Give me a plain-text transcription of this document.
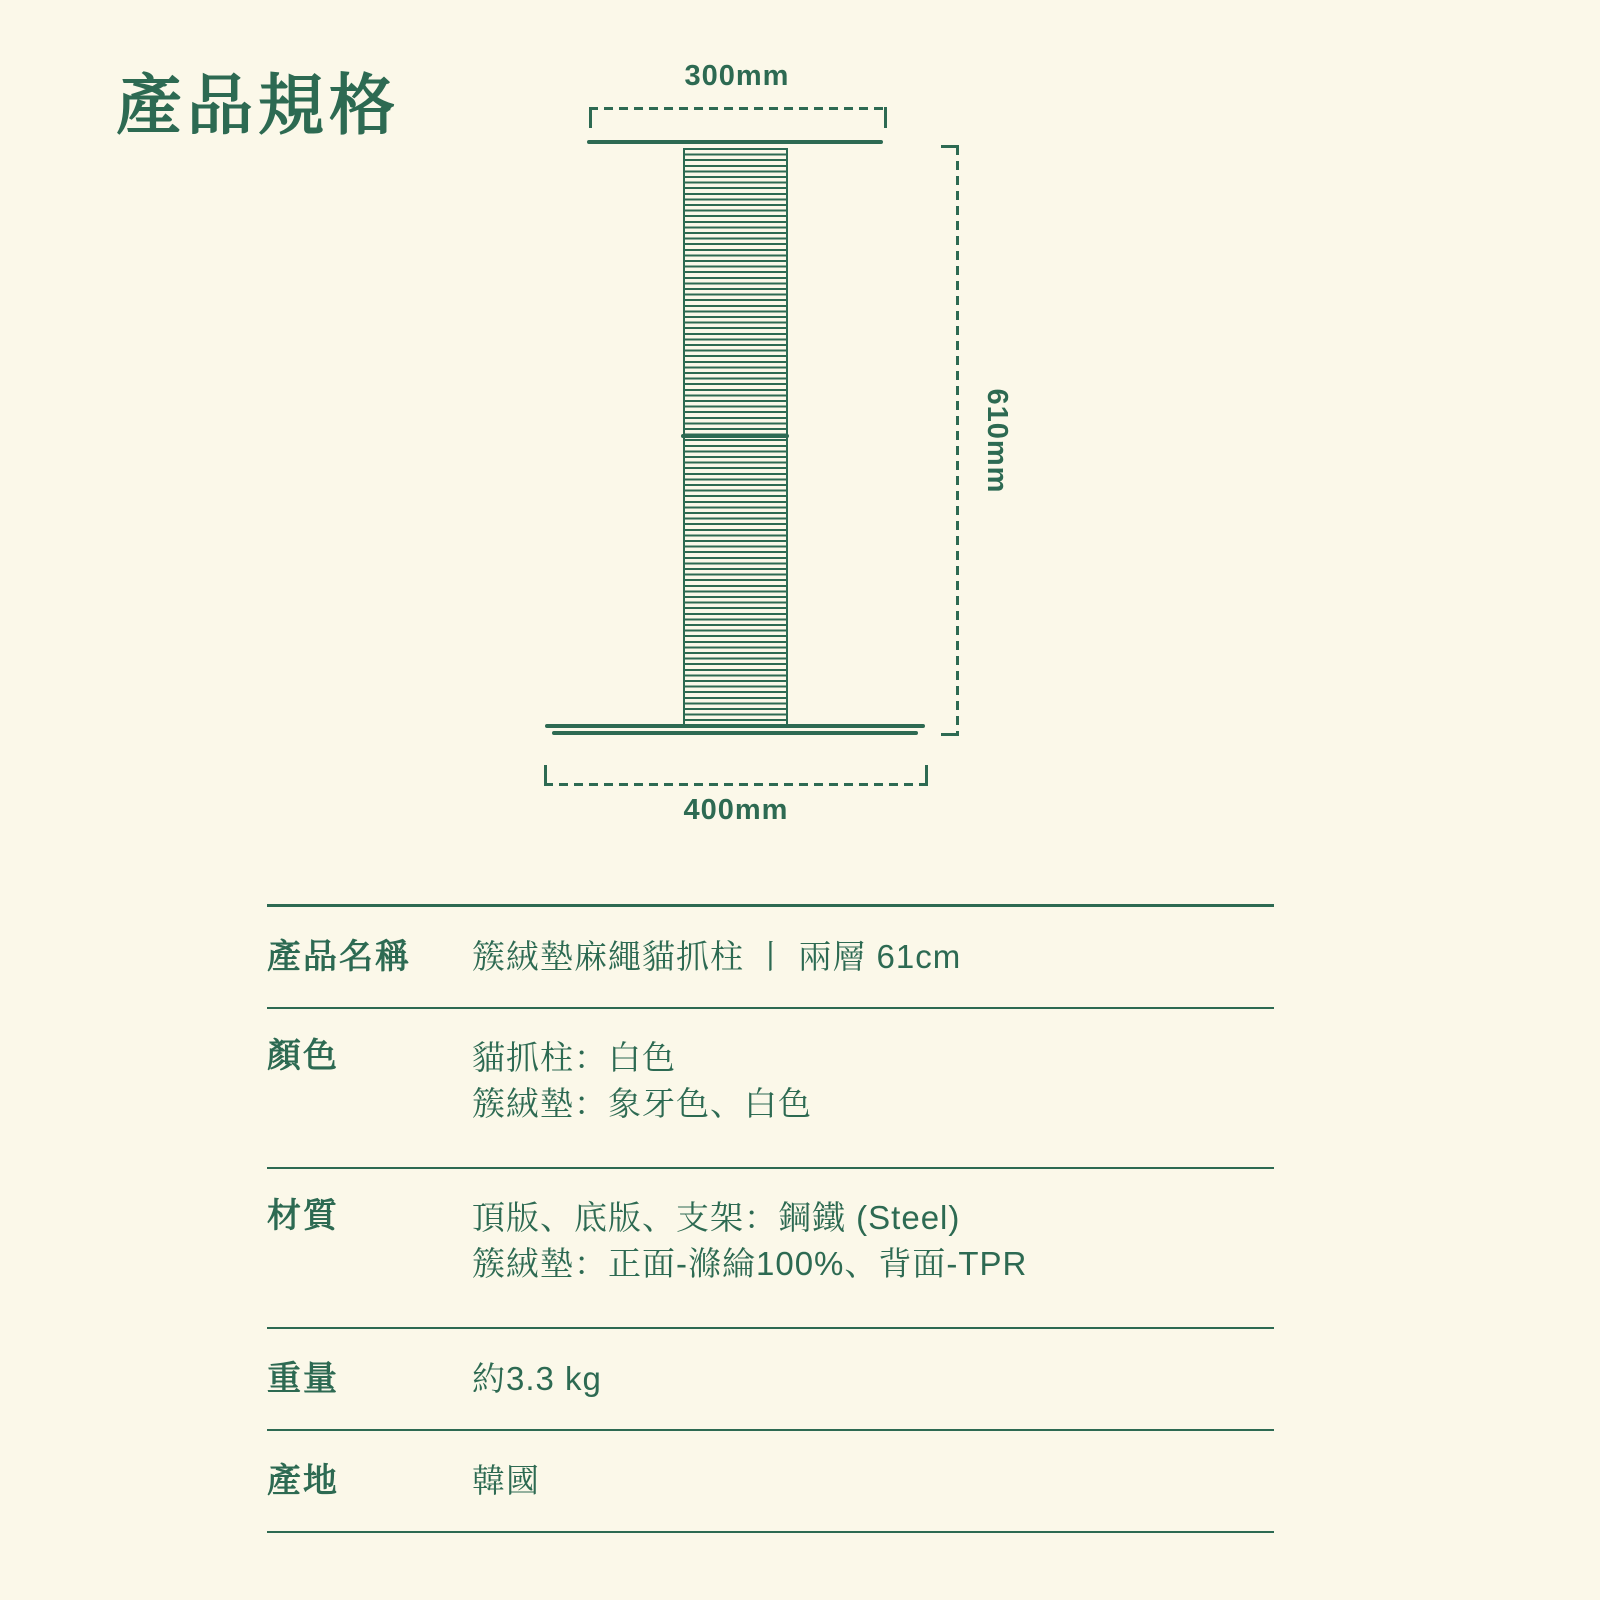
產品規格	300mm
400mm
610mm
產品名稱	簇絨墊麻繩貓抓柱 丨 兩層 61cm
顏色	貓抓柱：白色
簇絨墊：象牙色、白色
材質	頂版、底版、支架：鋼鐵 (Steel)
簇絨墊：正面-滌綸100%、背面-TPR
重量	約3.3 kg
產地	韓國
